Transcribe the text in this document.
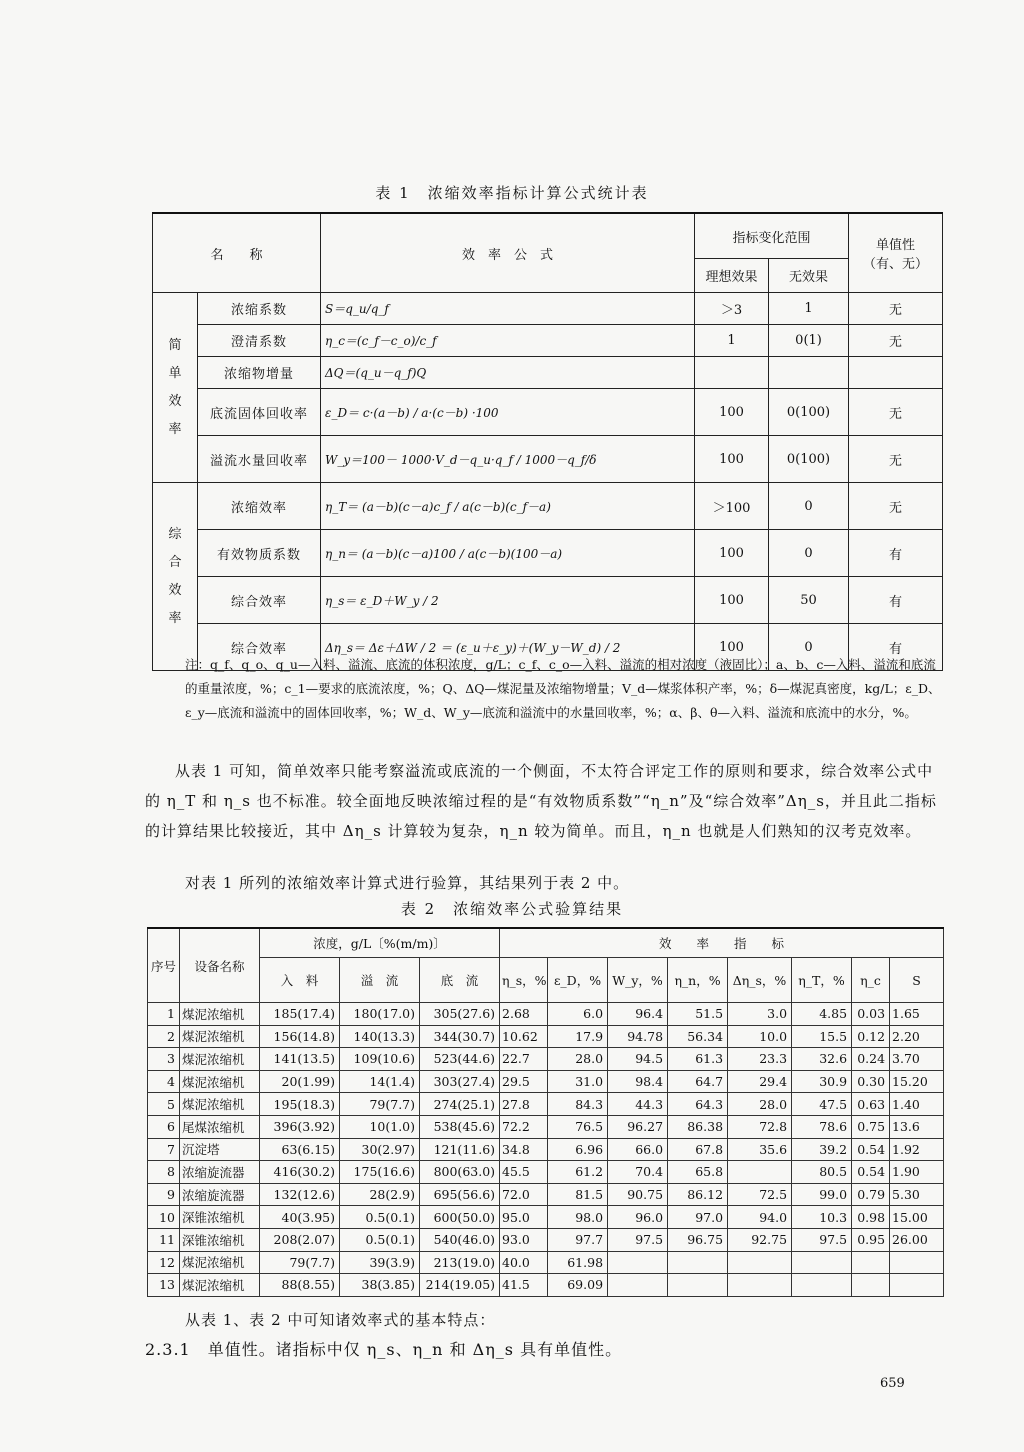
表 1　浓缩效率指标计算公式统计表
名　　称		效　率　公　式	指标变化范围		单值性
（有、无）

			理想效果	无效果	
简
单
效
率	浓缩系数	S＝q_u/q_f	＞3	1	无
	澄清系数	η_c＝(c_f－c_o)/c_f	1	0(1)	无
	浓缩物增量	ΔQ＝(q_u－q_f)Q			
	底流固体回收率	ε_D＝ c·(a－b) / a·(c－b) ·100	100	0(100)	无
	溢流水量回收率	W_y＝100－ 1000·V_d－q_u·q_f / 1000－q_f/δ	100	0(100)	无
综
合
效
率	浓缩效率	η_T＝ (a－b)(c－a)c_f / a(c－b)(c_f－a)	＞100	0	无
	有效物质系数	η_n＝ (a－b)(c－a)100 / a(c－b)(100－a)	100	0	有
	综合效率	η_s＝ ε_D＋W_y / 2	100	50	有
	综合效率	Δη_s＝ Δε＋ΔW / 2 ＝ (ε_u＋ε_y)＋(W_y－W_d) / 2	100	0	有
注：q_f、q_o、q_u—入料、溢流、底流的体积浓度，g/L；c_f、c_o—入料、溢流的相对浓度（液固比）；a、b、c—入料、溢流和底流的重量浓度，%；c_1—要求的底流浓度，%；Q、ΔQ—煤泥量及浓缩物增量；V_d—煤浆体积产率，%；δ—煤泥真密度，kg/L；ε_D、ε_y—底流和溢流中的固体回收率，%；W_d、W_y—底流和溢流中的水量回收率，%；α、β、θ—入料、溢流和底流中的水分，%。
从表 1 可知，简单效率只能考察溢流或底流的一个侧面，不太符合评定工作的原则和要求，综合效率公式中的 η_T 和 η_s 也不标准。较全面地反映浓缩过程的是“有效物质系数”“η_n”及“综合效率”Δη_s，并且此二指标的计算结果比较接近，其中 Δη_s 计算较为复杂，η_n 较为简单。而且，η_n 也就是人们熟知的汉考克效率。
对表 1 所列的浓缩效率计算式进行验算，其结果列于表 2 中。
表 2　浓缩效率公式验算结果
序号	设备名称	浓度，g/L〔%(m/m)〕			效　　率　　指　　标							
		入　料	溢　流	底　流	η_s，%	ε_D，%	W_y，%	η_n，%	Δη_s，%	η_T，%	η_c	S
1	煤泥浓缩机	185(17.4)	180(17.0)	305(27.6)	2.68	6.0	96.4	51.5	3.0	4.85	0.03	1.65
2	煤泥浓缩机	156(14.8)	140(13.3)	344(30.7)	10.62	17.9	94.78	56.34	10.0	15.5	0.12	2.20
3	煤泥浓缩机	141(13.5)	109(10.6)	523(44.6)	22.7	28.0	94.5	61.3	23.3	32.6	0.24	3.70
4	煤泥浓缩机	20(1.99)	14(1.4)	303(27.4)	29.5	31.0	98.4	64.7	29.4	30.9	0.30	15.20
5	煤泥浓缩机	195(18.3)	79(7.7)	274(25.1)	27.8	84.3	44.3	64.3	28.0	47.5	0.63	1.40
6	尾煤浓缩机	396(3.92)	10(1.0)	538(45.6)	72.2	76.5	96.27	86.38	72.8	78.6	0.75	13.6
7	沉淀塔	63(6.15)	30(2.97)	121(11.6)	34.8	6.96	66.0	67.8	35.6	39.2	0.54	1.92
8	浓缩旋流器	416(30.2)	175(16.6)	800(63.0)	45.5	61.2	70.4	65.8		80.5	0.54	1.90
9	浓缩旋流器	132(12.6)	28(2.9)	695(56.6)	72.0	81.5	90.75	86.12	72.5	99.0	0.79	5.30
10	深锥浓缩机	40(3.95)	0.5(0.1)	600(50.0)	95.0	98.0	96.0	97.0	94.0	10.3	0.98	15.00
11	深锥浓缩机	208(2.07)	0.5(0.1)	540(46.0)	93.0	97.7	97.5	96.75	92.75	97.5	0.95	26.00
12	煤泥浓缩机	79(7.7)	39(3.9)	213(19.0)	40.0	61.98						
13	煤泥浓缩机	88(8.55)	38(3.85)	214(19.05)	41.5	69.09						
从表 1、表 2 中可知诸效率式的基本特点：
2.3.1　单值性。诸指标中仅 η_s、η_n 和 Δη_s 具有单值性。
659
